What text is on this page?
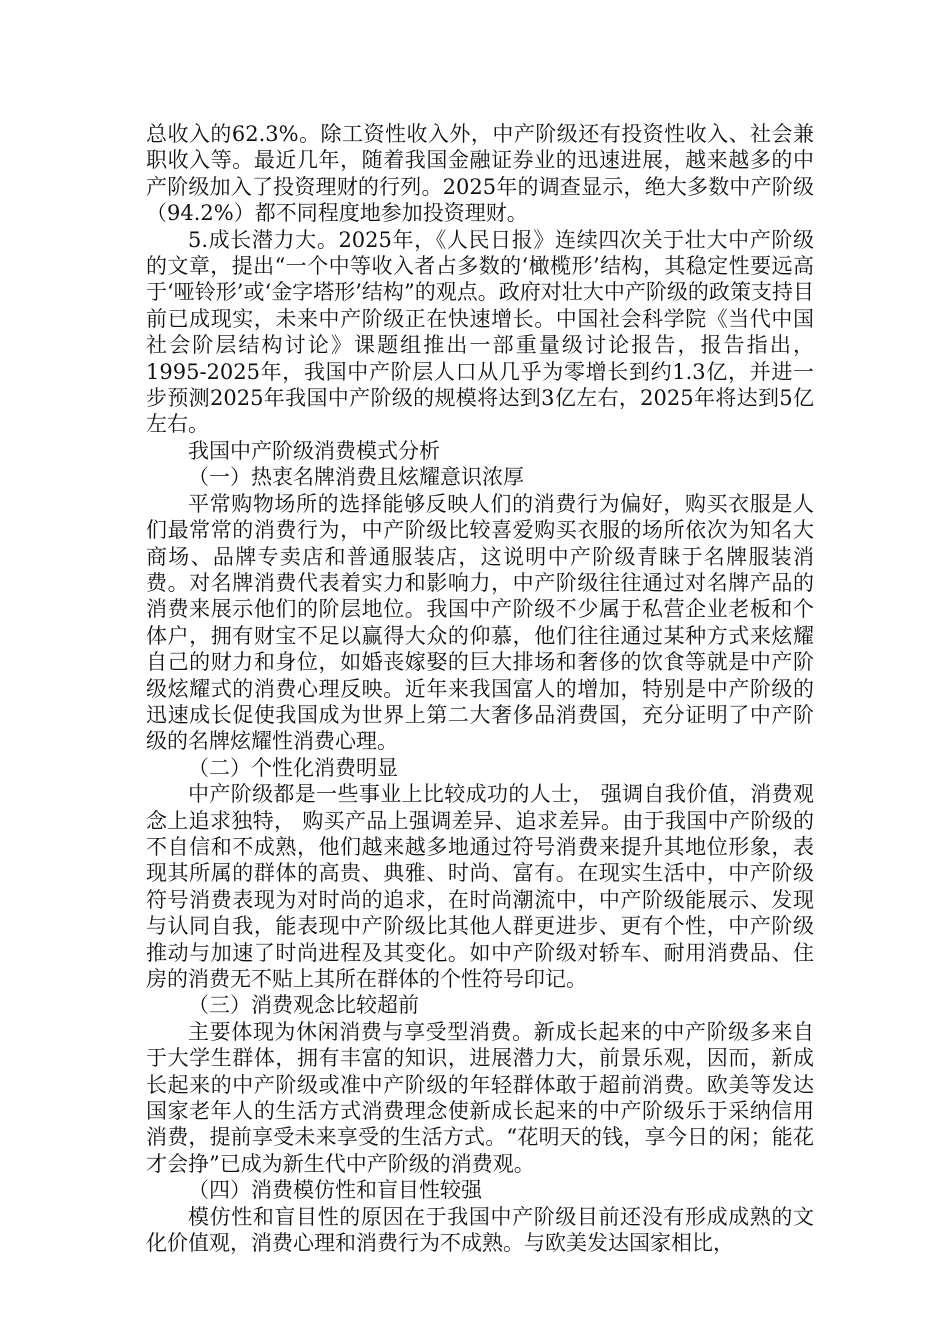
总收入的62.3%。除工资性收入外，中产阶级还有投资性收入、社会兼职收入等。最近几年，随着我国金融证券业的迅速进展，越来越多的中产阶级加入了投资理财的行列。2025年的调查显示，绝大多数中产阶级（94.2%）都不同程度地参加投资理财。

5.成长潜力大。2025年，《人民日报》连续四次关于壮大中产阶级的文章，提出“一个中等收入者占多数的‘橄榄形’结构，其稳定性要远高于‘哑铃形’或‘金字塔形’结构”的观点。政府对壮大中产阶级的政策支持目前已成现实，未来中产阶级正在快速增长。中国社会科学院《当代中国社会阶层结构讨论》课题组推出一部重量级讨论报告，报告指出，1995-2025年，我国中产阶层人口从几乎为零增长到约1.3亿，并进一步预测2025年我国中产阶级的规模将达到3亿左右，2025年将达到5亿左右。

我国中产阶级消费模式分析

（一）热衷名牌消费且炫耀意识浓厚

平常购物场所的选择能够反映人们的消费行为偏好，购买衣服是人们最常常的消费行为，中产阶级比较喜爱购买衣服的场所依次为知名大商场、品牌专卖店和普通服装店，这说明中产阶级青睐于名牌服装消费。对名牌消费代表着实力和影响力，中产阶级往往通过对名牌产品的消费来展示他们的阶层地位。我国中产阶级不少属于私营企业老板和个体户，拥有财宝不足以赢得大众的仰慕，他们往往通过某种方式来炫耀自己的财力和身位，如婚丧嫁娶的巨大排场和奢侈的饮食等就是中产阶级炫耀式的消费心理反映。近年来我国富人的增加，特别是中产阶级的迅速成长促使我国成为世界上第二大奢侈品消费国，充分证明了中产阶级的名牌炫耀性消费心理。

（二）个性化消费明显

中产阶级都是一些事业上比较成功的人士， 强调自我价值，消费观念上追求独特， 购买产品上强调差异、追求差异。由于我国中产阶级的不自信和不成熟，他们越来越多地通过符号消费来提升其地位形象，表现其所属的群体的高贵、典雅、时尚、富有。在现实生活中，中产阶级符号消费表现为对时尚的追求，在时尚潮流中，中产阶级能展示、发现与认同自我，能表现中产阶级比其他人群更进步、更有个性，中产阶级推动与加速了时尚进程及其变化。如中产阶级对轿车、耐用消费品、住房的消费无不贴上其所在群体的个性符号印记。

（三）消费观念比较超前

主要体现为休闲消费与享受型消费。新成长起来的中产阶级多来自于大学生群体，拥有丰富的知识，进展潜力大，前景乐观，因而，新成长起来的中产阶级或准中产阶级的年轻群体敢于超前消费。欧美等发达国家老年人的生活方式消费理念使新成长起来的中产阶级乐于采纳信用消费，提前享受未来享受的生活方式。“花明天的钱，享今日的闲；能花才会挣”已成为新生代中产阶级的消费观。

（四）消费模仿性和盲目性较强

模仿性和盲目性的原因在于我国中产阶级目前还没有形成成熟的文化价值观，消费心理和消费行为不成熟。与欧美发达国家相比，
